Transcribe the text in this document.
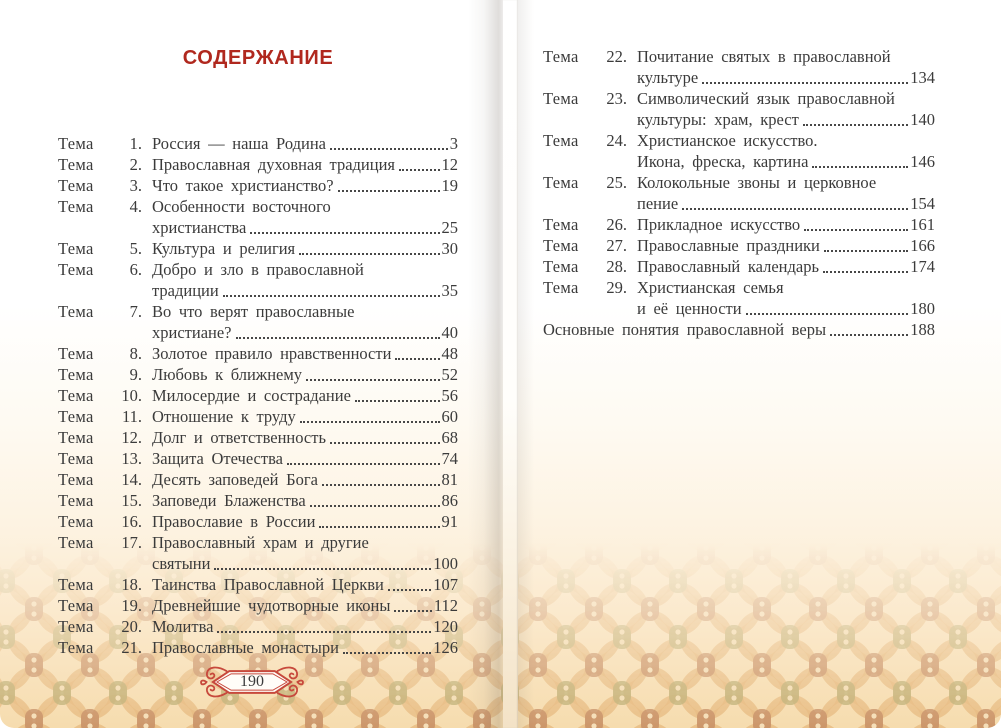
СОДЕРЖАНИЕ
Тема	1. Россия — наша Родина	3
Тема	2. Православная духовная традиция	12
Тема	3. Что такое христианство?	19
Тема	4. Особенности восточного
христианства	25
Тема	5. Культура и религия	30
Тема	6. Добро и зло в православной
традиции	35
Тема	7. Во что верят православные
христиане?	40
Тема	8. Золотое правило нравственности	48
Тема	9. Любовь к ближнему	52
Тема	10. Милосердие и сострадание	56
Тема	11. Отношение к труду	60
Тема	12. Долг и ответственность	68
Тема	13. Защита Отечества	74
Тема	14. Десять заповедей Бога	81
Тема	15. Заповеди Блаженства	86
Тема	16. Православие в России	91
Тема	17. Православный храм и другие
святыни	100
Тема	18. Таинства Православной Церкви	107
Тема	19. Древнейшие чудотворные иконы	112
Тема	20. Молитва	120
Тема	21. Православные монастыри	126
Тема	22. Почитание святых в православной
культуре	134
Тема	23. Символический язык православной
культуры: храм, крест	140
Тема	24. Христианское искусство.
Икона, фреска, картина	146
Тема	25. Колокольные звоны и церковное
пение	154
Тема	26. Прикладное искусство	161
Тема	27. Православные праздники	166
Тема	28. Православный календарь	174
Тема	29. Христианская семья
и её ценности	180
Основные понятия православной веры	188
190
